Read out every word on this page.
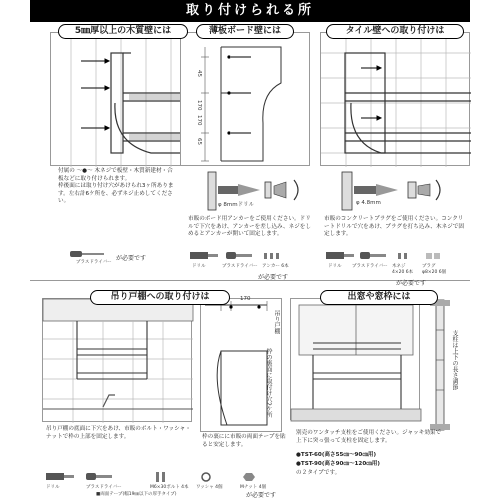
取り付けられる所
5㎜厚以上の木質壁には
付属の 〜●〜 木ネジで板壁・木質新建材・合板などに取り付けられます。
枠後面には取り付け穴があけられ3ヶ所あります。左右計6ケ所を、必ずネジ止めしてください。
プラスドライバー
が必要です
薄板ボード壁には
45
170
170
65
φ 8mmドリル
市販のボード用アンカーをご使用ください。ドリルで下穴をあけ、アンカーを差し込み、ネジをしめるとアンカーが開いて固定します。
ドリル	プラスドライバー アンカー 6本
が必要です
タイル壁への取り付けは
φ 4.8mm
市販のコンクリートプラグをご使用ください。コンクリートドリルで穴をあけ、プラグを打ち込み、木ネジで固定します。
ドリル プラスドライバー 木ネジ 4×20 6本
プラグ φ8×20 6個
が必要です
吊り戸棚への取り付けは
吊り戸棚の底面に下穴をあけ、市販のボルト・ワッシャ・ナットで枠の上部を固定します。
170
吊り戸棚
枠の裏面に取付け穴2ケ所
枠の裏にに市販の両面テープを貼ると安定します。
ドリル	プラスドライバー	M6×30ボルト 4本 ワッシャ 4個	Mナット 4個
■両面テープ(幅19㎜以下の厚手タイプ)	が必要です
出窓や窓枠には
支柱は上下の長さ調節
別売のワンタッチ支柱をご使用ください。ジャッキ効果で上下に突っ張って支柱を固定します。
●TST-60(高さ55㎝〜90㎝用)
●TST-90(高さ90㎝〜120㎝用)
の２タイプです。
